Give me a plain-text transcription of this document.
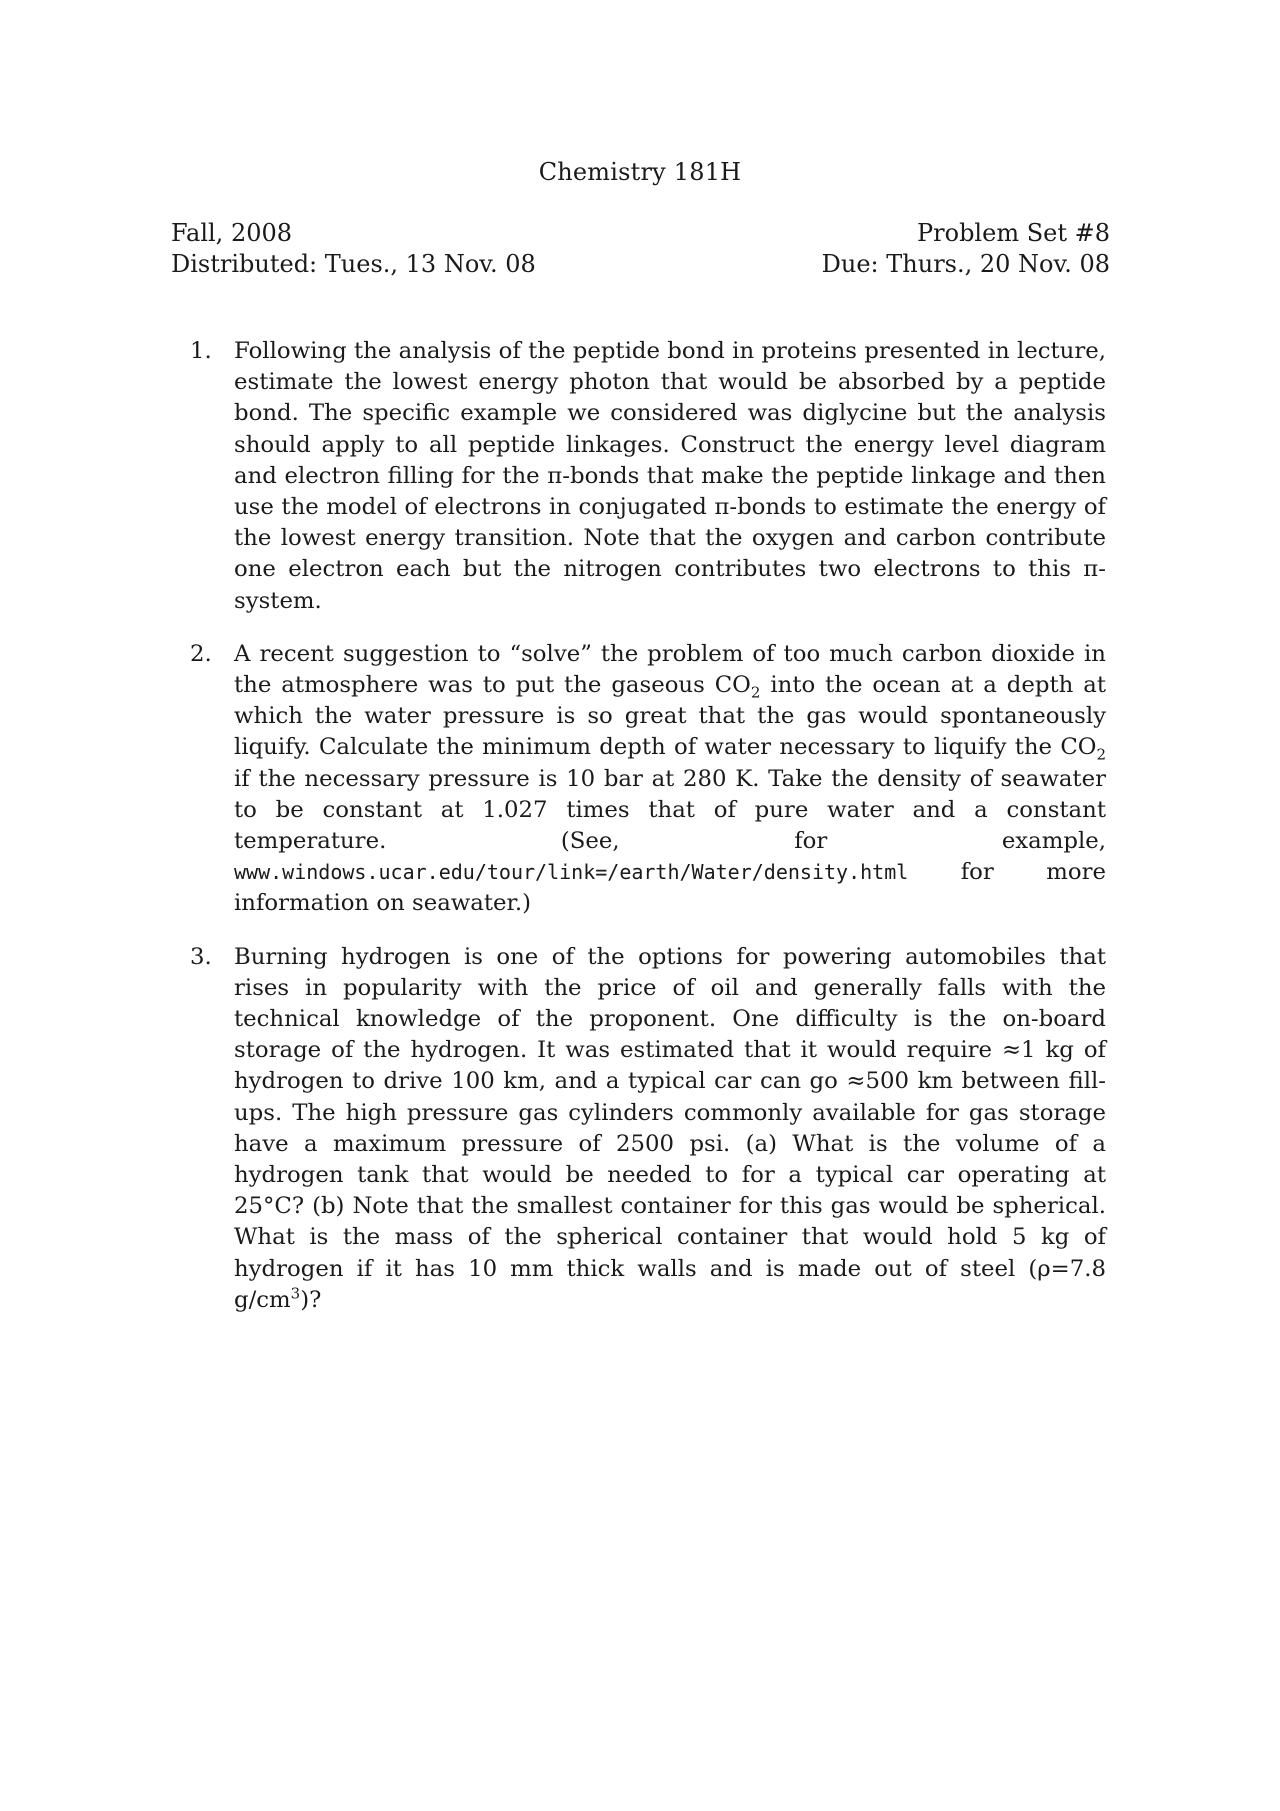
Chemistry 181H
Fall, 2008
Distributed: Tues., 13 Nov. 08
Problem Set #8
Due: Thurs., 20 Nov. 08
1. Following the analysis of the peptide bond in proteins presented in lecture, estimate the lowest energy photon that would be absorbed by a peptide bond. The specific example we considered was diglycine but the analysis should apply to all peptide linkages. Construct the energy level diagram and electron filling for the π-bonds that make the peptide linkage and then use the model of electrons in conjugated π-bonds to estimate the energy of the lowest energy transition. Note that the oxygen and carbon contribute one electron each but the nitrogen contributes two electrons to this π-system.
2. A recent suggestion to “solve” the problem of too much carbon dioxide in the atmosphere was to put the gaseous $CO_2$ into the ocean at a depth at which the water pressure is so great that the gas would spontaneously liquify. Calculate the minimum depth of water necessary to liquify the $CO_2$ if the necessary pressure is 10 bar at 280 K. Take the density of seawater to be constant at 1.027 times that of pure water and a constant temperature. (See, for example, www.windows.ucar.edu/tour/link=/earth/Water/density.html for more information on seawater.)
3. Burning hydrogen is one of the options for powering automobiles that rises in popularity with the price of oil and generally falls with the technical knowledge of the proponent. One difficulty is the on-board storage of the hydrogen. It was estimated that it would require ≈1 kg of hydrogen to drive 100 km, and a typical car can go ≈500 km between fill-ups. The high pressure gas cylinders commonly available for gas storage have a maximum pressure of 2500 psi. (a) What is the volume of a hydrogen tank that would be needed to for a typical car operating at 25°C? (b) Note that the smallest container for this gas would be spherical. What is the mass of the spherical container that would hold 5 kg of hydrogen if it has 10 mm thick walls and is made out of steel (ρ=7.8 $g/cm^3$)?
